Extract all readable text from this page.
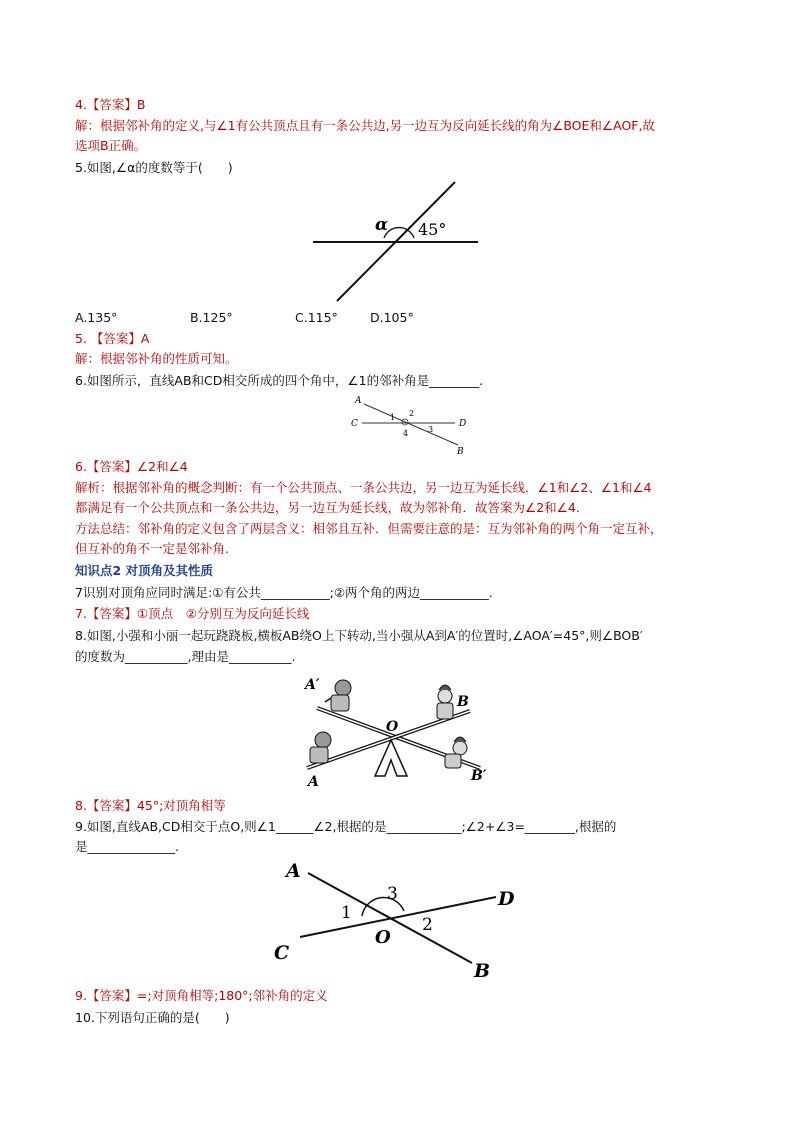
4.【答案】B
解：根据邻补角的定义,与∠1有公共顶点且有一条公共边,另一边互为反向延长线的角为∠BOE和∠AOF,故
选项B正确。
5.如图,∠α的度数等于(　　)
α 45°
A.135°	B.125°	C.115°	D.105°
5. 【答案】A
解：根据邻补角的性质可知。
6.如图所示，直线AB和CD相交所成的四个角中，∠1的邻补角是________.
A
C	D
B
1 2
3
4
6.【答案】∠2和∠4
解析：根据邻补角的概念判断：有一个公共顶点、一条公共边，另一边互为延长线．∠1和∠2、∠1和∠4
都满足有一个公共顶点和一条公共边，另一边互为延长线，故为邻补角．故答案为∠2和∠4.
方法总结：邻补角的定义包含了两层含义：相邻且互补．但需要注意的是：互为邻补角的两个角一定互补，
但互补的角不一定是邻补角.
知识点2 对顶角及其性质
7识别对顶角应同时满足:①有公共___________;②两个角的两边___________.
7.【答案】①顶点　②分别互为反向延长线
8.如图,小强和小丽一起玩跷跷板,横板AB绕O上下转动,当小强从A到A′的位置时,∠AOA′=45°,则∠BOB′
的度数为__________,理由是__________.
A′
B
O
A	B′
8.【答案】45°;对顶角相等
9.如图,直线AB,CD相交于点O,则∠1______∠2,根据的是____________;∠2+∠3=________,根据的
是______________.
A
D
C
B
O
1
2
3
9.【答案】=;对顶角相等;180°;邻补角的定义
10.下列语句正确的是(　　)
